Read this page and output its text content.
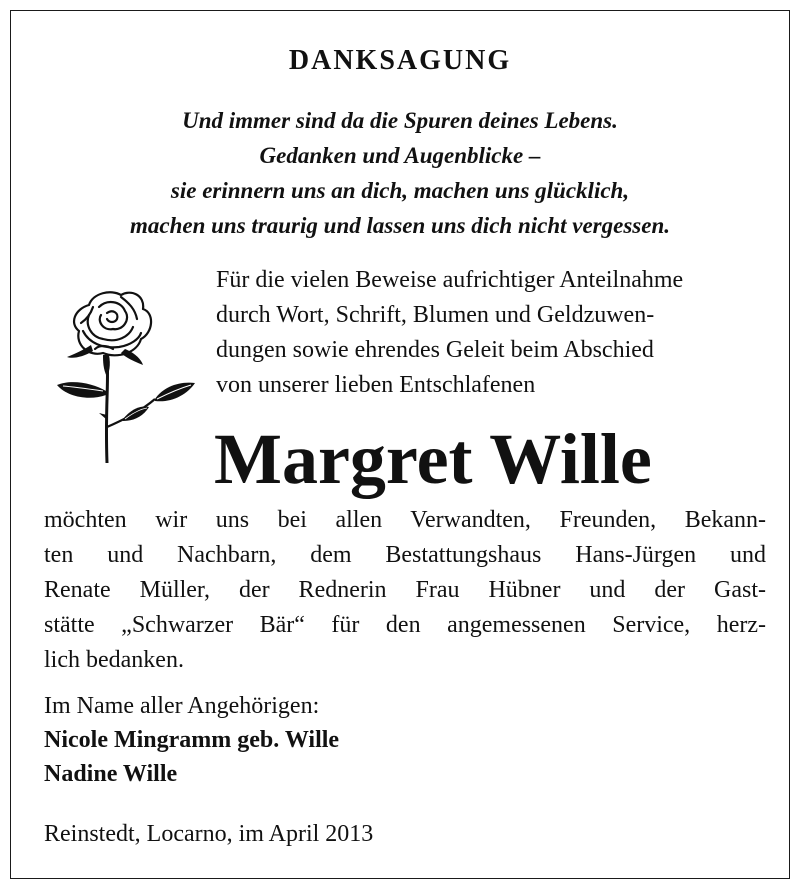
DANKSAGUNG
Und immer sind da die Spuren deines Lebens.
Gedanken und Augenblicke –
sie erinnern uns an dich, machen uns glücklich,
machen uns traurig und lassen uns dich nicht vergessen.
Für die vielen Beweise aufrichtiger Anteilnahme
durch Wort, Schrift, Blumen und Geldzuwen-
dungen sowie ehrendes Geleit beim Abschied
von unserer lieben Entschlafenen
Margret Wille
möchten wir uns bei allen Verwandten, Freunden, Bekann-
ten und Nachbarn, dem Bestattungshaus Hans-Jürgen und
Renate Müller, der Rednerin Frau Hübner und der Gast-
stätte „Schwarzer Bär“ für den angemessenen Service, herz-
lich bedanken.
Im Name aller Angehörigen:
Nicole Mingramm geb. Wille
Nadine Wille
Reinstedt, Locarno, im April 2013
